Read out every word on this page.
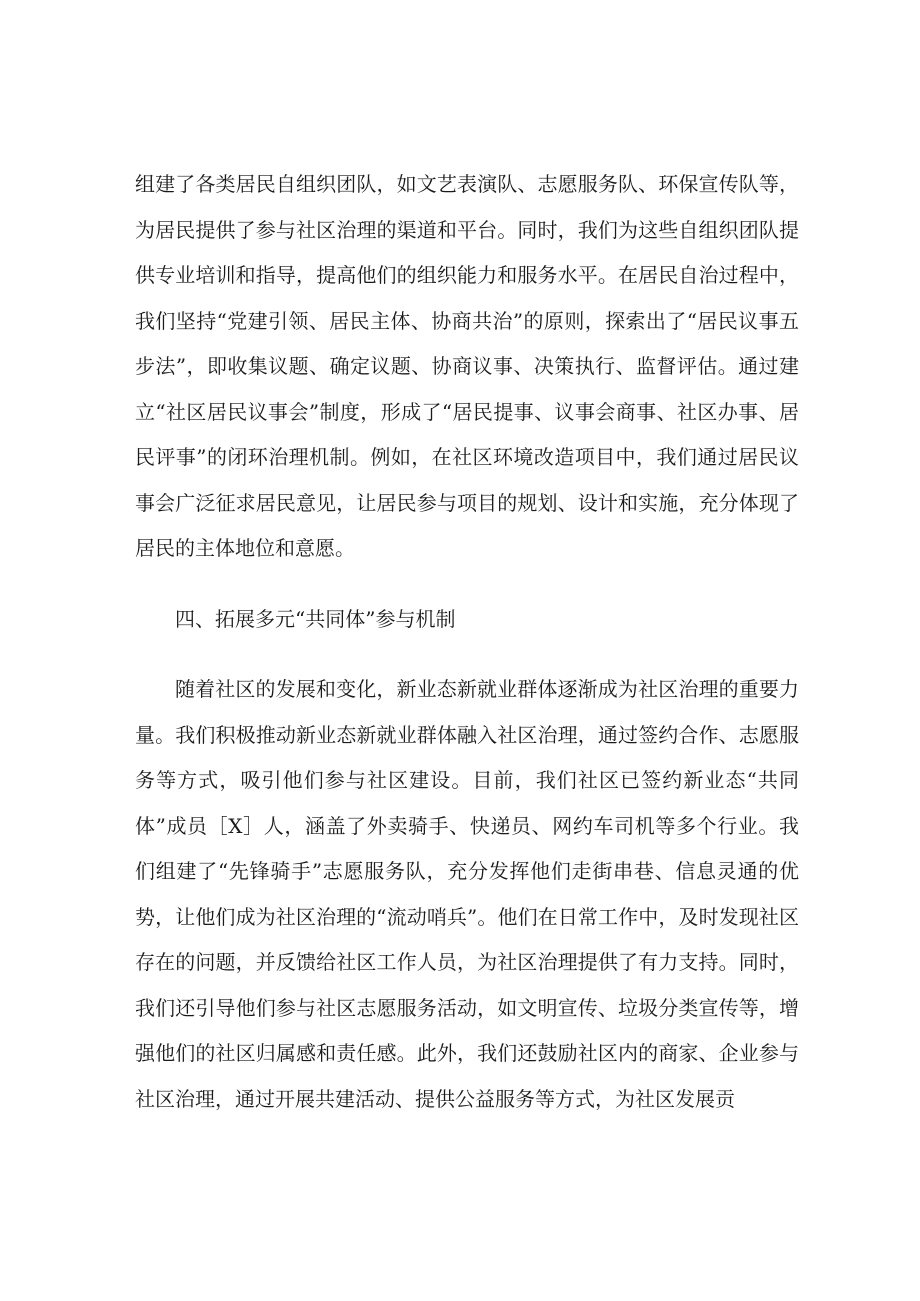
组建了各类居民自组织团队，如文艺表演队、志愿服务队、环保宣传队等，为居民提供了参与社区治理的渠道和平台。同时，我们为这些自组织团队提供专业培训和指导，提高他们的组织能力和服务水平。在居民自治过程中，我们坚持“党建引领、居民主体、协商共治”的原则，探索出了“居民议事五步法”，即收集议题、确定议题、协商议事、决策执行、监督评估。通过建立“社区居民议事会”制度，形成了“居民提事、议事会商事、社区办事、居民评事”的闭环治理机制。例如，在社区环境改造项目中，我们通过居民议事会广泛征求居民意见，让居民参与项目的规划、设计和实施，充分体现了居民的主体地位和意愿。

四、拓展多元“共同体”参与机制

随着社区的发展和变化，新业态新就业群体逐渐成为社区治理的重要力量。我们积极推动新业态新就业群体融入社区治理，通过签约合作、志愿服务等方式，吸引他们参与社区建设。目前，我们社区已签约新业态“共同体”成员［X］人，涵盖了外卖骑手、快递员、网约车司机等多个行业。我们组建了“先锋骑手”志愿服务队，充分发挥他们走街串巷、信息灵通的优势，让他们成为社区治理的“流动哨兵”。他们在日常工作中，及时发现社区存在的问题，并反馈给社区工作人员，为社区治理提供了有力支持。同时，我们还引导他们参与社区志愿服务活动，如文明宣传、垃圾分类宣传等，增强他们的社区归属感和责任感。此外，我们还鼓励社区内的商家、企业参与社区治理，通过开展共建活动、提供公益服务等方式，为社区发展贡
